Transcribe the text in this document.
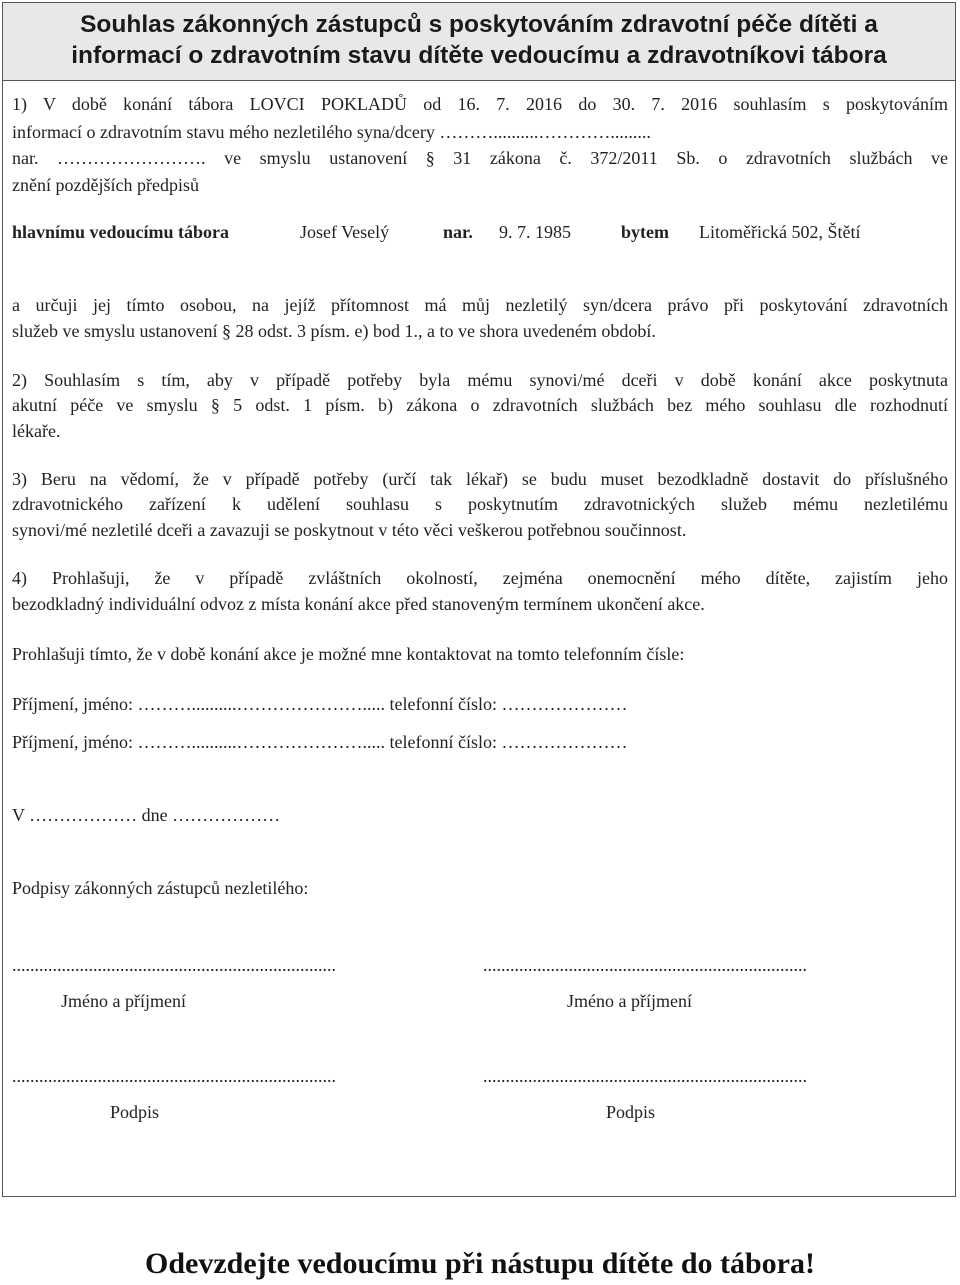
Souhlas zákonných zástupců s poskytováním zdravotní péče dítěti a
informací o zdravotním stavu dítěte vedoucímu a zdravotníkovi tábora
1) V době konání tábora LOVCI POKLADŮ od 16. 7. 2016 do 30. 7. 2016 souhlasím s poskytováním
informací o zdravotním stavu mého nezletilého syna/dcery ………..........………….........
nar. ……………………. ve smyslu ustanovení § 31 zákona č. 372/2011 Sb. o zdravotních službách ve
znění pozdějších předpisů
hlavnímu vedoucímu tábora	Josef Veselý	nar. 9. 7. 1985	bytem Litoměřická 502, Štětí
a určuji jej tímto osobou, na jejíž přítomnost má můj nezletilý syn/dcera právo při poskytování zdravotních
služeb ve smyslu ustanovení § 28 odst. 3 písm. e) bod 1., a to ve shora uvedeném období.
2) Souhlasím s tím, aby v případě potřeby byla mému synovi/mé dceři v době konání akce poskytnuta
akutní péče ve smyslu § 5 odst. 1 písm. b) zákona o zdravotních službách bez mého souhlasu dle rozhodnutí
lékaře.
3) Beru na vědomí, že v případě potřeby (určí tak lékař) se budu muset bezodkladně dostavit do příslušného
zdravotnického zařízení k udělení souhlasu s poskytnutím zdravotnických služeb mému nezletilému
synovi/mé nezletilé dceři a zavazuji se poskytnout v této věci veškerou potřebnou součinnost.
4) Prohlašuji, že v případě zvláštních okolností, zejména onemocnění mého dítěte, zajistím jeho
bezodkladný individuální odvoz z místa konání akce před stanoveným termínem ukončení akce.
Prohlašuji tímto, že v době konání akce je možné mne kontaktovat na tomto telefonním čísle:
Příjmení, jméno: ………..........…………………..... telefonní číslo: …………………
Příjmení, jméno: ………..........…………………..... telefonní číslo: …………………
V ……………… dne ………………
Podpisy zákonných zástupců nezletilého:
........................................................................	........................................................................
Jméno a příjmení	Jméno a příjmení
........................................................................	........................................................................
Podpis	Podpis
Odevzdejte vedoucímu při nástupu dítěte do tábora!
